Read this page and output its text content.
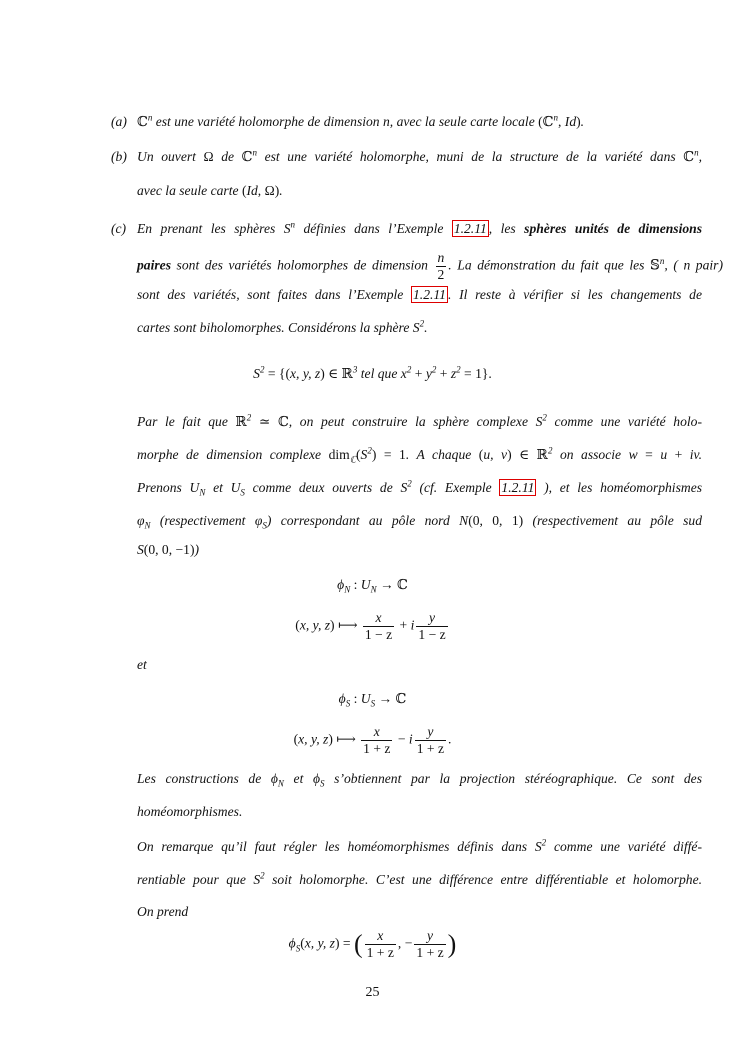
(a)
(b)
(c)
ℂ$^n$ est une variété holomorphe de dimension n, avec la seule carte locale (ℂ$^n$, Id).
Un ouvert Ω de ℂ$^n$ est une variété holomorphe, muni de la structure de la variété dans ℂ$^n$,
avec la seule carte (Id, Ω).
En prenant les sphères $S^n$ définies dans l’Exemple 1.2.11 , les sphères unités de dimensions
paires sont des variétés holomorphes de dimension $\frac{n}{2}$ . La démonstration du fait que les 𝕊$^n$, ( n pair)
sont des variétés, sont faites dans l’Exemple 1.2.11 . Il reste à vérifier si les changements de
cartes sont biholomorphes. Considérons la sphère $S^2$.
$S^2 = \{(x$, y, z) ∈ ℝ$^3$ tel que $x^2 + y^2 + z^2 = 1$}.
Par le fait que ℝ$^2$ ≃ ℂ, on peut construire la sphère complexe $S^2$ comme une variété holo-
morphe de dimension complexe $dim_ℂ(S^2) = 1$. A chaque (u, v) ∈ ℝ$^2$ on associe w = u + iv.
Prenons $U_N$ et $U_S$ comme deux ouverts de $S^2$ (cf. Exemple 1.2.11 ), et les homéomorphismes
$\varphi_N$ (respectivement $\varphi_S$) correspondant au pôle nord N(0, 0, 1) (respectivement au pôle sud
S(0, 0, −1))
$\phi_N$ : $U_N$ → ℂ
(x, y, z) ⟼ $\frac{x}{1 - z} + i \frac{y}{1 - z}$
et
$\phi_S$ : $U_S$ → ℂ
(x, y, z) ⟼ $\frac{x}{1 + z} - i \frac{y}{1 + z}$ .
Les constructions de $\phi_N$ et $\phi_S$ s’obtiennent par la projection stéréographique. Ce sont des
homéomorphismes.
On remarque qu’il faut régler les homéomorphismes définis dans $S^2$ comme une variété diffé-
rentiable pour que $S^2$ soit holomorphe. C’est une différence entre différentiable et holomorphe.
On prend
$\phi_S(x$, y, z) = ( $\frac{x}{1 + z}$ , − $\frac{y}{1 + z}$ )
25
